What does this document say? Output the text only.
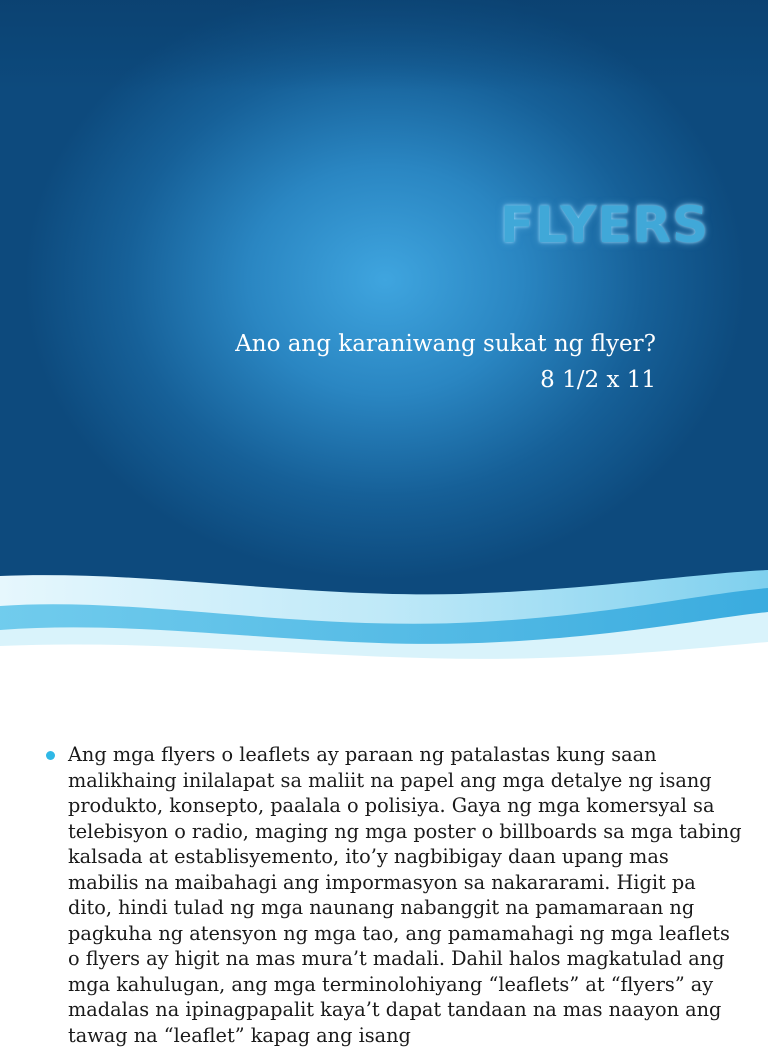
FLYERS
Ano ang karaniwang sukat ng flyer?
8 1/2 x 11

Ang mga flyers o leaflets ay paraan ng patalastas kung saan malikhaing inilalapat sa maliit na papel ang mga detalye ng isang produkto, konsepto, paalala o polisiya. Gaya ng mga komersyal sa telebisyon o radio, maging ng mga poster o billboards sa mga tabing kalsada at establisyemento, ito’y nagbibigay daan upang mas mabilis na maibahagi ang impormasyon sa nakararami. Higit pa dito, hindi tulad ng mga naunang nabanggit na pamamaraan ng pagkuha ng atensyon ng mga tao, ang pamamahagi ng mga leaflets o flyers ay higit na mas mura’t madali. Dahil halos magkatulad ang mga kahulugan, ang mga terminolohiyang “leaflets” at “flyers” ay madalas na ipinagpapalit kaya’t dapat tandaan na mas naayon ang tawag na “leaflet” kapag ang isang
